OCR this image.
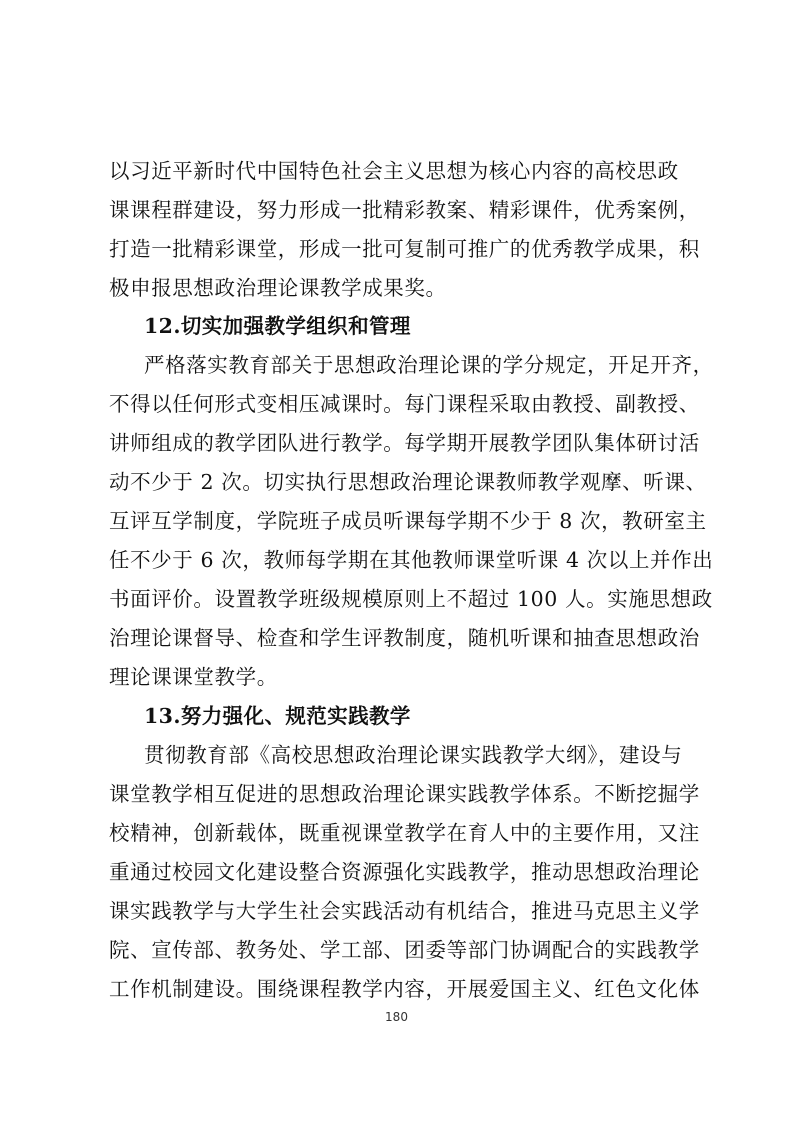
以习近平新时代中国特色社会主义思想为核心内容的高校思政
课课程群建设，努力形成一批精彩教案、精彩课件，优秀案例，
打造一批精彩课堂，形成一批可复制可推广的优秀教学成果，积
极申报思想政治理论课教学成果奖。
12.切实加强教学组织和管理
严格落实教育部关于思想政治理论课的学分规定，开足开齐，
不得以任何形式变相压减课时。每门课程采取由教授、副教授、
讲师组成的教学团队进行教学。每学期开展教学团队集体研讨活
动不少于 2 次。切实执行思想政治理论课教师教学观摩、听课、
互评互学制度，学院班子成员听课每学期不少于 8 次，教研室主
任不少于 6 次，教师每学期在其他教师课堂听课 4 次以上并作出
书面评价。设置教学班级规模原则上不超过 100 人。实施思想政
治理论课督导、检查和学生评教制度，随机听课和抽查思想政治
理论课课堂教学。
13.努力强化、规范实践教学
贯彻教育部《高校思想政治理论课实践教学大纲》，建设与
课堂教学相互促进的思想政治理论课实践教学体系。不断挖掘学
校精神，创新载体，既重视课堂教学在育人中的主要作用，又注
重通过校园文化建设整合资源强化实践教学，推动思想政治理论
课实践教学与大学生社会实践活动有机结合，推进马克思主义学
院、宣传部、教务处、学工部、团委等部门协调配合的实践教学
工作机制建设。围绕课程教学内容，开展爱国主义、红色文化体
180
